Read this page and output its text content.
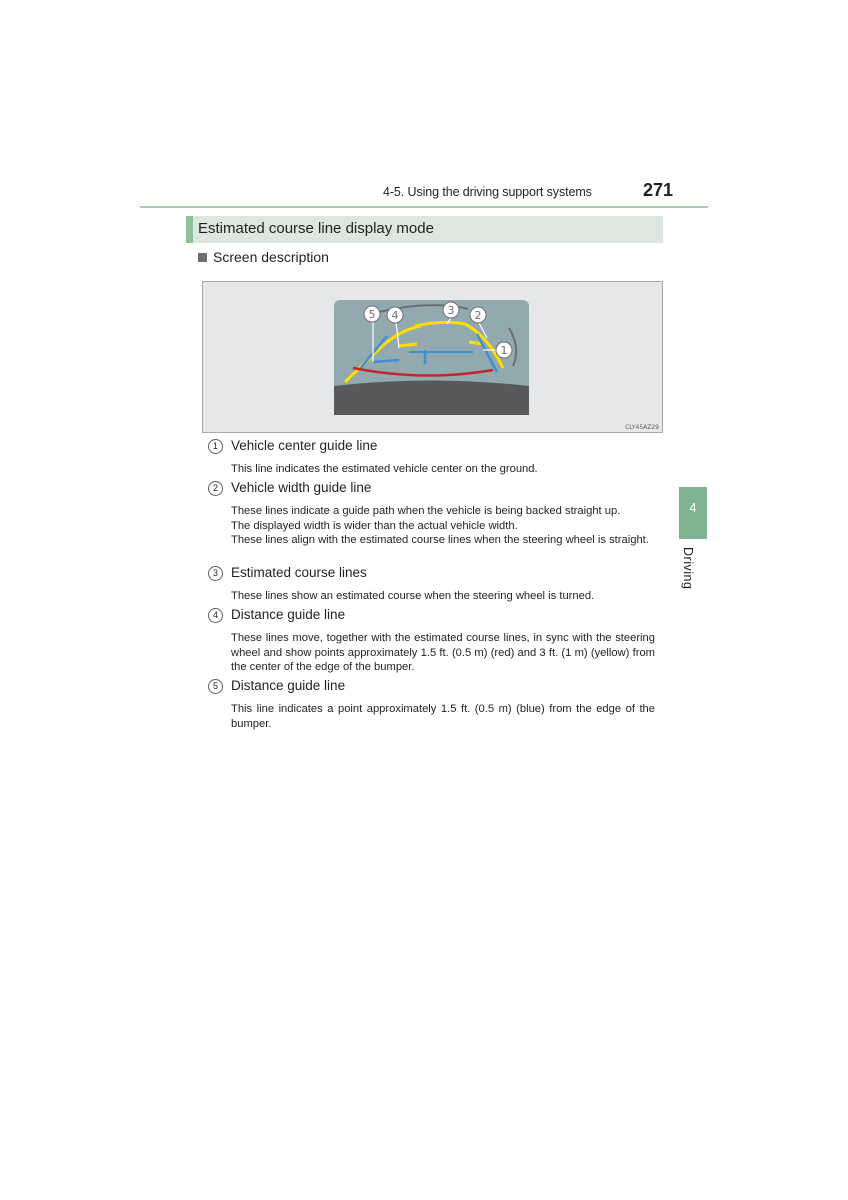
4-5. Using the driving support systems	271
Estimated course line display mode
Screen description
5 4	3 2
1
CLY45AZ29
1 Vehicle center guide line
This line indicates the estimated vehicle center on the ground.
2 Vehicle width guide line
These lines indicate a guide path when the vehicle is being backed straight up.
The displayed width is wider than the actual vehicle width.
These lines align with the estimated course lines when the steering wheel is straight.
3 Estimated course lines
These lines show an estimated course when the steering wheel is turned.
4 Distance guide line
These lines move, together with the estimated course lines, in sync with the steering wheel and show points approximately 1.5 ft. (0.5 m) (red) and 3 ft. (1 m) (yellow) from the center of the edge of the bumper.
5 Distance guide line
This line indicates a point approximately 1.5 ft. (0.5 m) (blue) from the edge of the bumper.
4
Driving
